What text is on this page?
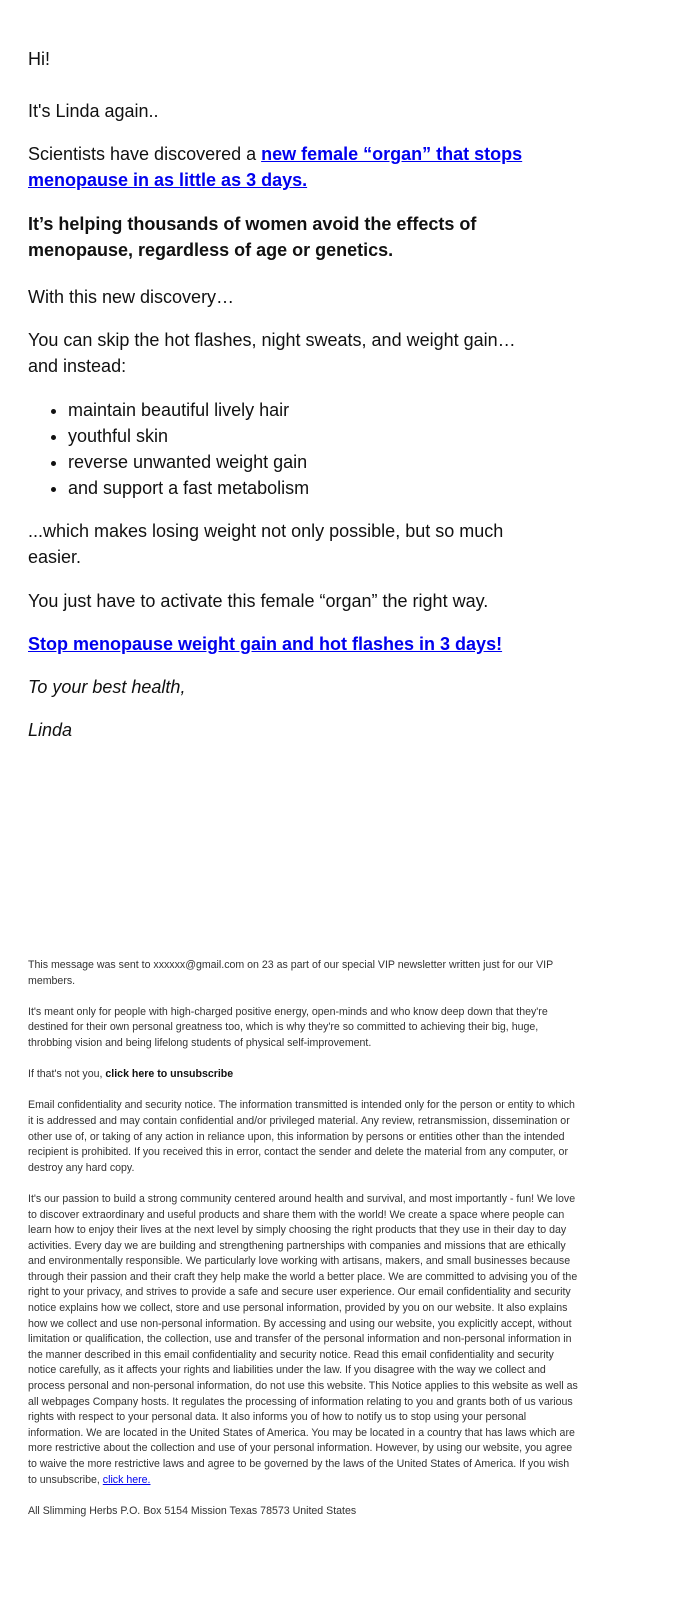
Hi!

It's Linda again..

Scientists have discovered a new female “organ” that stops menopause in as little as 3 days.

It’s helping thousands of women avoid the effects of menopause, regardless of age or genetics.

With this new discovery…

You can skip the hot flashes, night sweats, and weight gain…
and instead:

• maintain beautiful lively hair
• youthful skin
• reverse unwanted weight gain
• and support a fast metabolism

...which makes losing weight not only possible, but so much easier.

You just have to activate this female “organ” the right way.

Stop menopause weight gain and hot flashes in 3 days!

To your best health,

Linda

This message was sent to xxxxxx@gmail.com on 23 as part of our special VIP newsletter written just for our VIP members.

It's meant only for people with high-charged positive energy, open-minds and who know deep down that they're destined for their own personal greatness too, which is why they're so committed to achieving their big, huge, throbbing vision and being lifelong students of physical self-improvement.

If that's not you, click here to unsubscribe

Email confidentiality and security notice. The information transmitted is intended only for the person or entity to which it is addressed and may contain confidential and/or privileged material. Any review, retransmission, dissemination or other use of, or taking of any action in reliance upon, this information by persons or entities other than the intended recipient is prohibited. If you received this in error, contact the sender and delete the material from any computer, or destroy any hard copy.

It's our passion to build a strong community centered around health and survival, and most importantly - fun! We love to discover extraordinary and useful products and share them with the world! We create a space where people can learn how to enjoy their lives at the next level by simply choosing the right products that they use in their day to day activities. Every day we are building and strengthening partnerships with companies and missions that are ethically and environmentally responsible. We particularly love working with artisans, makers, and small businesses because through their passion and their craft they help make the world a better place. We are committed to advising you of the right to your privacy, and strives to provide a safe and secure user experience. Our email confidentiality and security notice explains how we collect, store and use personal information, provided by you on our website. It also explains how we collect and use non-personal information. By accessing and using our website, you explicitly accept, without limitation or qualification, the collection, use and transfer of the personal information and non-personal information in the manner described in this email confidentiality and security notice. Read this email confidentiality and security notice carefully, as it affects your rights and liabilities under the law. If you disagree with the way we collect and process personal and non-personal information, do not use this website. This Notice applies to this website as well as all webpages Company hosts. It regulates the processing of information relating to you and grants both of us various rights with respect to your personal data. It also informs you of how to notify us to stop using your personal information. We are located in the United States of America. You may be located in a country that has laws which are more restrictive about the collection and use of your personal information. However, by using our website, you agree to waive the more restrictive laws and agree to be governed by the laws of the United States of America. If you wish to unsubscribe, click here.

All Slimming Herbs P.O. Box 5154 Mission Texas 78573 United States
